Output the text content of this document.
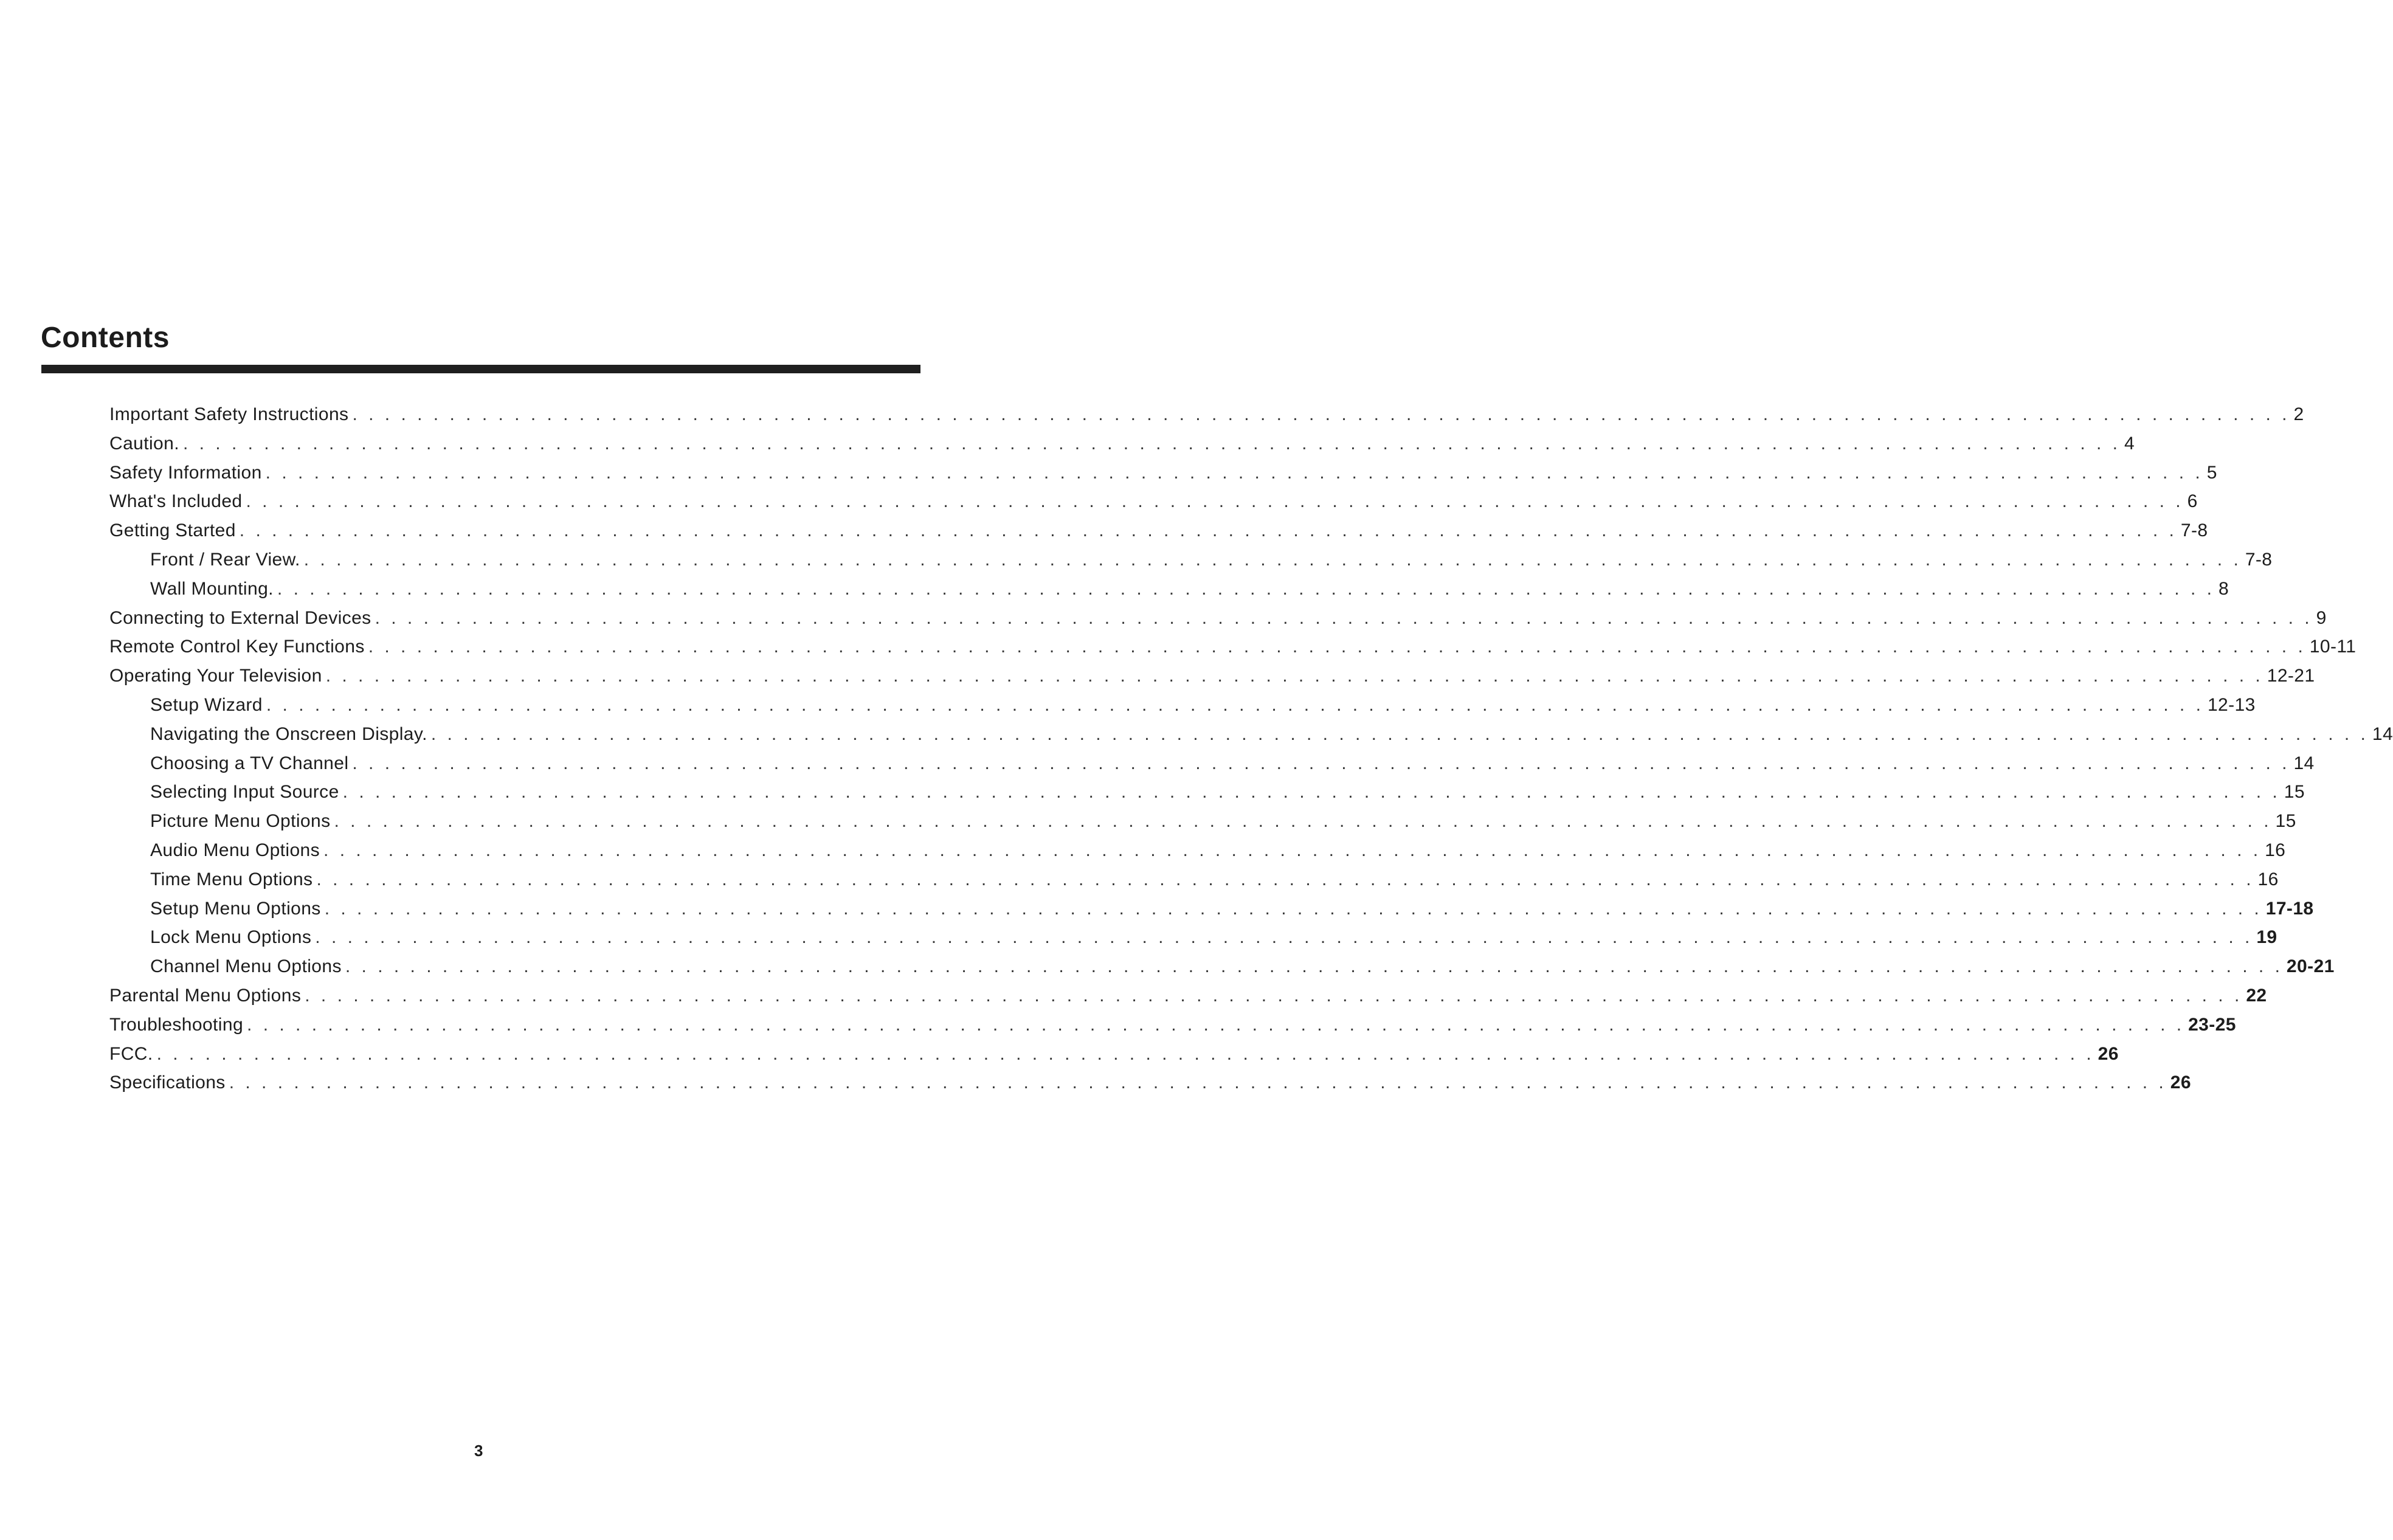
Contents
Important Safety Instructions . . . . . . . . . . . . . . . . . . . . . . . . . . . . . . . . . . . . . . . . . . . . . . . . . . . . . . . . . . . . . . . . . . . . . . . . . . . . . . . . . . . . . . . . . . . . . . . . . . . . . . . . . . . . . . . . . . . . . . . . 2
Caution. . . . . . . . . . . . . . . . . . . . . . . . . . . . . . . . . . . . . . . . . . . . . . . . . . . . . . . . . . . . . . . . . . . . . . . . . . . . . . . . . . . . . . . . . . . . . . . . . . . . . . . . . . . . . . . . . . . . . . . . . 4
Safety Information . . . . . . . . . . . . . . . . . . . . . . . . . . . . . . . . . . . . . . . . . . . . . . . . . . . . . . . . . . . . . . . . . . . . . . . . . . . . . . . . . . . . . . . . . . . . . . . . . . . . . . . . . . . . . . . . . . . . . . . . 5
What's Included . . . . . . . . . . . . . . . . . . . . . . . . . . . . . . . . . . . . . . . . . . . . . . . . . . . . . . . . . . . . . . . . . . . . . . . . . . . . . . . . . . . . . . . . . . . . . . . . . . . . . . . . . . . . . . . . . . . . . . . . 6
Getting Started . . . . . . . . . . . . . . . . . . . . . . . . . . . . . . . . . . . . . . . . . . . . . . . . . . . . . . . . . . . . . . . . . . . . . . . . . . . . . . . . . . . . . . . . . . . . . . . . . . . . . . . . . . . . . . . . . . . . . . . . 7-8
Front / Rear View. . . . . . . . . . . . . . . . . . . . . . . . . . . . . . . . . . . . . . . . . . . . . . . . . . . . . . . . . . . . . . . . . . . . . . . . . . . . . . . . . . . . . . . . . . . . . . . . . . . . . . . . . . . . . . . . . . . . . . . . . 7-8
Wall Mounting. . . . . . . . . . . . . . . . . . . . . . . . . . . . . . . . . . . . . . . . . . . . . . . . . . . . . . . . . . . . . . . . . . . . . . . . . . . . . . . . . . . . . . . . . . . . . . . . . . . . . . . . . . . . . . . . . . . . . . . . . 8
Connecting to External Devices . . . . . . . . . . . . . . . . . . . . . . . . . . . . . . . . . . . . . . . . . . . . . . . . . . . . . . . . . . . . . . . . . . . . . . . . . . . . . . . . . . . . . . . . . . . . . . . . . . . . . . . . . . . . . . . . . . . . . . . . 9
Remote Control Key Functions . . . . . . . . . . . . . . . . . . . . . . . . . . . . . . . . . . . . . . . . . . . . . . . . . . . . . . . . . . . . . . . . . . . . . . . . . . . . . . . . . . . . . . . . . . . . . . . . . . . . . . . . . . . . . . . . . . . . . . . . 10-11
Operating Your Television . . . . . . . . . . . . . . . . . . . . . . . . . . . . . . . . . . . . . . . . . . . . . . . . . . . . . . . . . . . . . . . . . . . . . . . . . . . . . . . . . . . . . . . . . . . . . . . . . . . . . . . . . . . . . . . . . . . . . . . . 12-21
Setup Wizard . . . . . . . . . . . . . . . . . . . . . . . . . . . . . . . . . . . . . . . . . . . . . . . . . . . . . . . . . . . . . . . . . . . . . . . . . . . . . . . . . . . . . . . . . . . . . . . . . . . . . . . . . . . . . . . . . . . . . . . . 12-13
Navigating the Onscreen Display. . . . . . . . . . . . . . . . . . . . . . . . . . . . . . . . . . . . . . . . . . . . . . . . . . . . . . . . . . . . . . . . . . . . . . . . . . . . . . . . . . . . . . . . . . . . . . . . . . . . . . . . . . . . . . . . . . . . . . . . . 14
Choosing a TV Channel . . . . . . . . . . . . . . . . . . . . . . . . . . . . . . . . . . . . . . . . . . . . . . . . . . . . . . . . . . . . . . . . . . . . . . . . . . . . . . . . . . . . . . . . . . . . . . . . . . . . . . . . . . . . . . . . . . . . . . . . 14
Selecting Input Source . . . . . . . . . . . . . . . . . . . . . . . . . . . . . . . . . . . . . . . . . . . . . . . . . . . . . . . . . . . . . . . . . . . . . . . . . . . . . . . . . . . . . . . . . . . . . . . . . . . . . . . . . . . . . . . . . . . . . . . . 15
Picture Menu Options . . . . . . . . . . . . . . . . . . . . . . . . . . . . . . . . . . . . . . . . . . . . . . . . . . . . . . . . . . . . . . . . . . . . . . . . . . . . . . . . . . . . . . . . . . . . . . . . . . . . . . . . . . . . . . . . . . . . . . . . 15
Audio Menu Options . . . . . . . . . . . . . . . . . . . . . . . . . . . . . . . . . . . . . . . . . . . . . . . . . . . . . . . . . . . . . . . . . . . . . . . . . . . . . . . . . . . . . . . . . . . . . . . . . . . . . . . . . . . . . . . . . . . . . . . . 16
Time Menu Options . . . . . . . . . . . . . . . . . . . . . . . . . . . . . . . . . . . . . . . . . . . . . . . . . . . . . . . . . . . . . . . . . . . . . . . . . . . . . . . . . . . . . . . . . . . . . . . . . . . . . . . . . . . . . . . . . . . . . . . . 16
Setup Menu Options . . . . . . . . . . . . . . . . . . . . . . . . . . . . . . . . . . . . . . . . . . . . . . . . . . . . . . . . . . . . . . . . . . . . . . . . . . . . . . . . . . . . . . . . . . . . . . . . . . . . . . . . . . . . . . . . . . . . . . . . 17-18
Lock Menu Options . . . . . . . . . . . . . . . . . . . . . . . . . . . . . . . . . . . . . . . . . . . . . . . . . . . . . . . . . . . . . . . . . . . . . . . . . . . . . . . . . . . . . . . . . . . . . . . . . . . . . . . . . . . . . . . . . . . . . . . . 19
Channel Menu Options . . . . . . . . . . . . . . . . . . . . . . . . . . . . . . . . . . . . . . . . . . . . . . . . . . . . . . . . . . . . . . . . . . . . . . . . . . . . . . . . . . . . . . . . . . . . . . . . . . . . . . . . . . . . . . . . . . . . . . . . 20-21
Parental Menu Options . . . . . . . . . . . . . . . . . . . . . . . . . . . . . . . . . . . . . . . . . . . . . . . . . . . . . . . . . . . . . . . . . . . . . . . . . . . . . . . . . . . . . . . . . . . . . . . . . . . . . . . . . . . . . . . . . . . . . . . . 22
Troubleshooting . . . . . . . . . . . . . . . . . . . . . . . . . . . . . . . . . . . . . . . . . . . . . . . . . . . . . . . . . . . . . . . . . . . . . . . . . . . . . . . . . . . . . . . . . . . . . . . . . . . . . . . . . . . . . . . . . . . . . . . . 23-25
FCC. . . . . . . . . . . . . . . . . . . . . . . . . . . . . . . . . . . . . . . . . . . . . . . . . . . . . . . . . . . . . . . . . . . . . . . . . . . . . . . . . . . . . . . . . . . . . . . . . . . . . . . . . . . . . . . . . . . . . . . . . 26
Specifications . . . . . . . . . . . . . . . . . . . . . . . . . . . . . . . . . . . . . . . . . . . . . . . . . . . . . . . . . . . . . . . . . . . . . . . . . . . . . . . . . . . . . . . . . . . . . . . . . . . . . . . . . . . . . . . . . . . . . . . . 26
3
